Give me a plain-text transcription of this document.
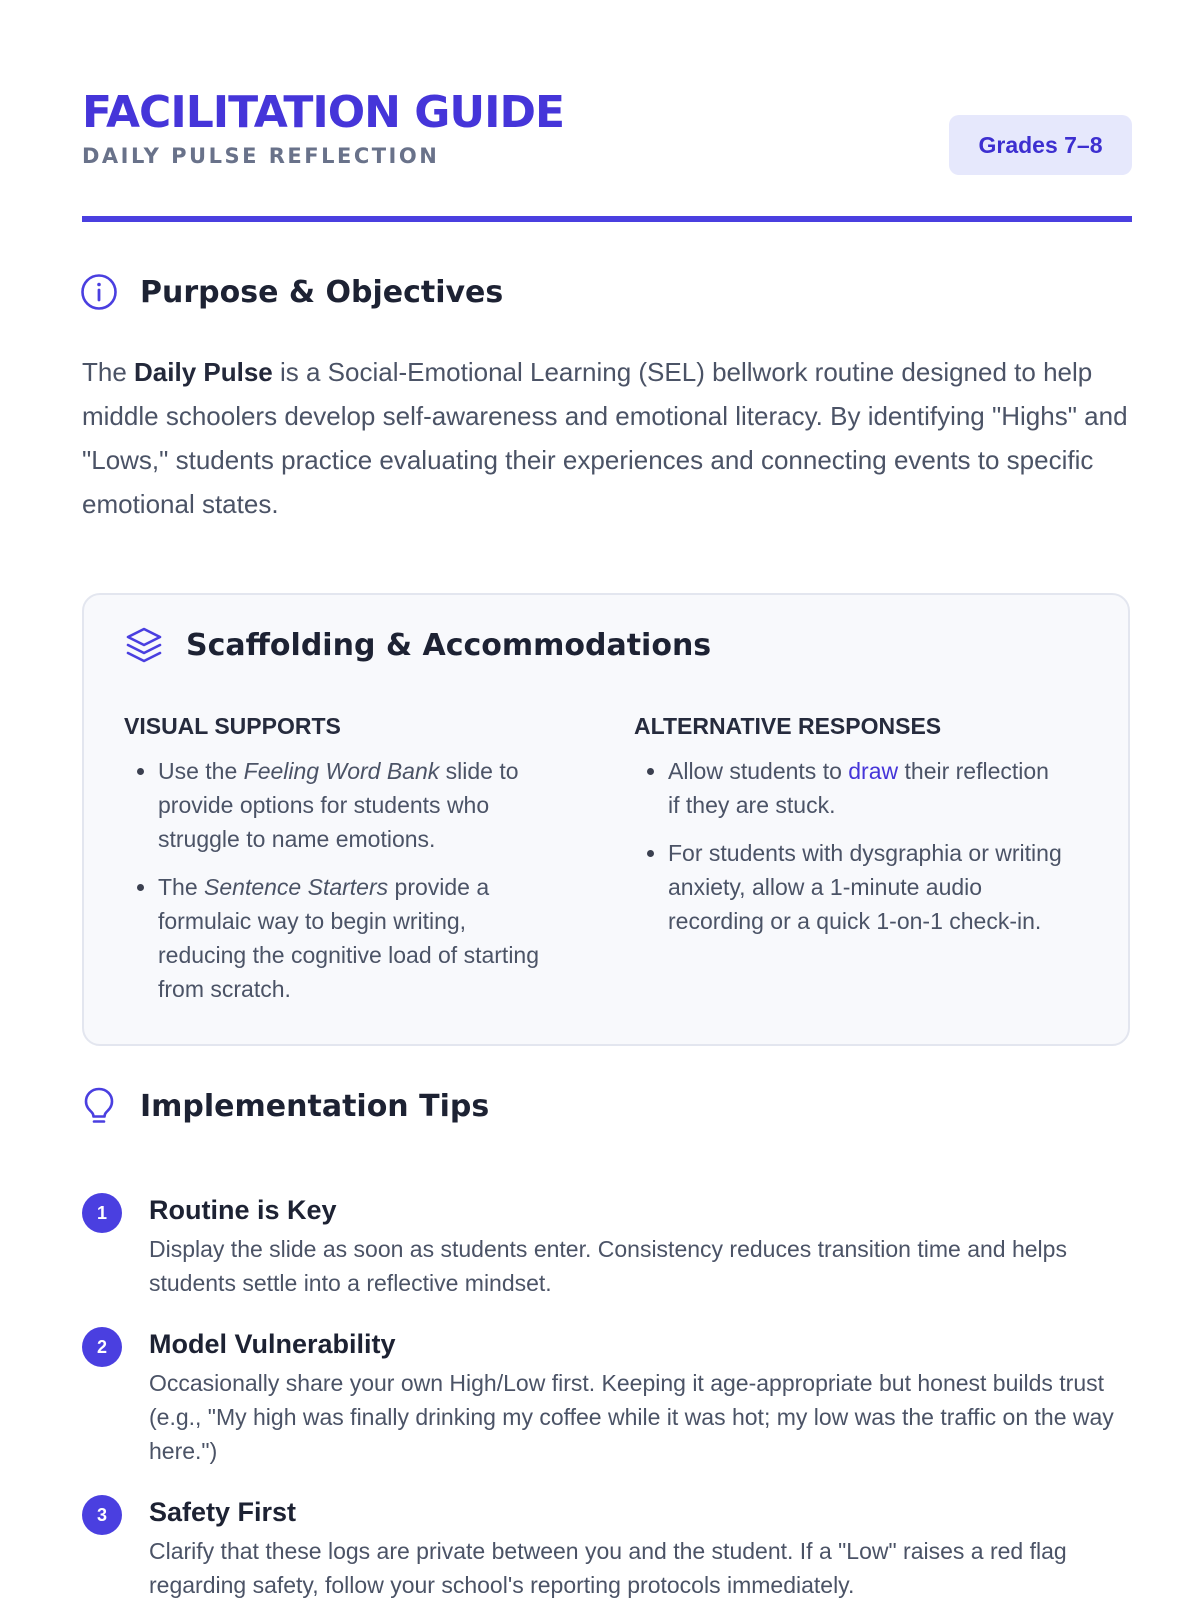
FACILITATION GUIDE
DAILY PULSE REFLECTION	Grades 7–8
Purpose & Objectives

The Daily Pulse is a Social-Emotional Learning (SEL) bellwork routine designed to help middle schoolers develop self-awareness and emotional literacy. By identifying "Highs" and "Lows," students practice evaluating their experiences and connecting events to specific emotional states.

Scaffolding & Accommodations
VISUAL SUPPORTS
• Use the Feeling Word Bank slide to provide options for students who struggle to name emotions.
• The Sentence Starters provide a formulaic way to begin writing, reducing the cognitive load of starting from scratch.
ALTERNATIVE RESPONSES
• Allow students to draw their reflection if they are stuck.
• For students with dysgraphia or writing anxiety, allow a 1-minute audio recording or a quick 1-on-1 check-in.
Implementation Tips
1	Routine is Key
Display the slide as soon as students enter. Consistency reduces transition time and helps students settle into a reflective mindset.
2	Model Vulnerability
Occasionally share your own High/Low first. Keeping it age-appropriate but honest builds trust (e.g., "My high was finally drinking my coffee while it was hot; my low was the traffic on the way here.")
3	Safety First
Clarify that these logs are private between you and the student. If a "Low" raises a red flag regarding safety, follow your school's reporting protocols immediately.
